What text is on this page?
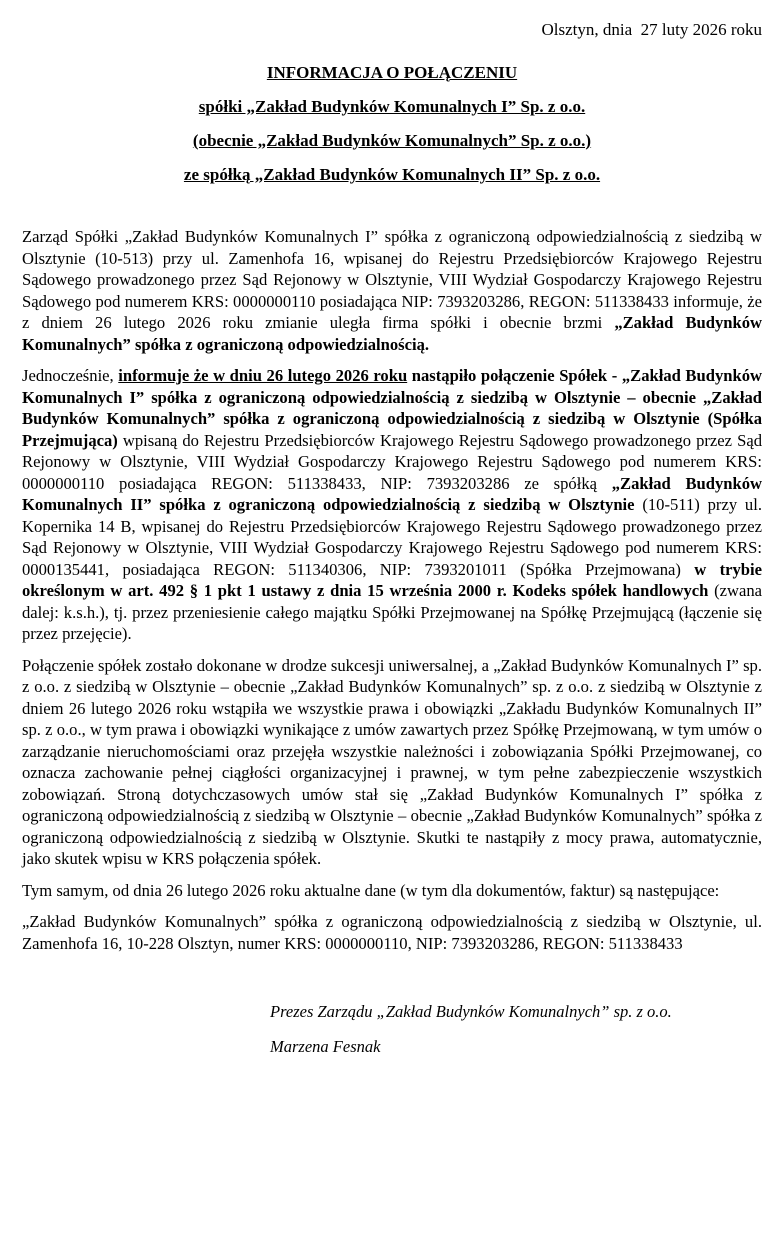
Olsztyn, dnia  27 luty 2026 roku
INFORMACJA O POŁĄCZENIU
spółki „Zakład Budynków Komunalnych I” Sp. z o.o.
(obecnie „Zakład Budynków Komunalnych” Sp. z o.o.)
ze spółką „Zakład Budynków Komunalnych II” Sp. z o.o.

Zarząd Spółki „Zakład Budynków Komunalnych I” spółka z ograniczoną odpowiedzialnością z siedzibą w Olsztynie (10-513) przy ul. Zamenhofa 16, wpisanej do Rejestru Przedsiębiorców Krajowego Rejestru Sądowego prowadzonego przez Sąd Rejonowy w Olsztynie, VIII Wydział Gospodarczy Krajowego Rejestru Sądowego pod numerem KRS: 0000000110 posiadająca NIP: 7393203286, REGON: 511338433 informuje, że z dniem 26 lutego 2026 roku zmianie uległa firma spółki i obecnie brzmi „Zakład Budynków Komunalnych” spółka z ograniczoną odpowiedzialnością.

Jednocześnie, informuje że w dniu 26 lutego 2026 roku nastąpiło połączenie Spółek - „Zakład Budynków Komunalnych I” spółka z ograniczoną odpowiedzialnością z siedzibą w Olsztynie – obecnie „Zakład Budynków Komunalnych” spółka z ograniczoną odpowiedzialnością z siedzibą w Olsztynie (Spółka Przejmująca) wpisaną do Rejestru Przedsiębiorców Krajowego Rejestru Sądowego prowadzonego przez Sąd Rejonowy w Olsztynie, VIII Wydział Gospodarczy Krajowego Rejestru Sądowego pod numerem KRS: 0000000110 posiadająca REGON: 511338433, NIP: 7393203286 ze spółką „Zakład Budynków Komunalnych II” spółka z ograniczoną odpowiedzialnością z siedzibą w Olsztynie (10-511) przy ul. Kopernika 14 B, wpisanej do Rejestru Przedsiębiorców Krajowego Rejestru Sądowego prowadzonego przez Sąd Rejonowy w Olsztynie, VIII Wydział Gospodarczy Krajowego Rejestru Sądowego pod numerem KRS: 0000135441, posiadająca REGON: 511340306, NIP: 7393201011 (Spółka Przejmowana) w trybie określonym w art. 492 § 1 pkt 1 ustawy z dnia 15 września 2000 r. Kodeks spółek handlowych (zwana dalej: k.s.h.), tj. przez przeniesienie całego majątku Spółki Przejmowanej na Spółkę Przejmującą (łączenie się przez przejęcie).

Połączenie spółek zostało dokonane w drodze sukcesji uniwersalnej, a „Zakład Budynków Komunalnych I” sp. z o.o. z siedzibą w Olsztynie – obecnie „Zakład Budynków Komunalnych” sp. z o.o. z siedzibą w Olsztynie z dniem 26 lutego 2026 roku wstąpiła we wszystkie prawa i obowiązki „Zakładu Budynków Komunalnych II” sp. z o.o., w tym prawa i obowiązki wynikające z umów zawartych przez Spółkę Przejmowaną, w tym umów o zarządzanie nieruchomościami oraz przejęła wszystkie należności i zobowiązania Spółki Przejmowanej, co oznacza zachowanie pełnej ciągłości organizacyjnej i prawnej, w tym pełne zabezpieczenie wszystkich zobowiązań. Stroną dotychczasowych umów stał się „Zakład Budynków Komunalnych I” spółka z ograniczoną odpowiedzialnością z siedzibą w Olsztynie – obecnie „Zakład Budynków Komunalnych” spółka z ograniczoną odpowiedzialnością z siedzibą w Olsztynie. Skutki te nastąpiły z mocy prawa, automatycznie, jako skutek wpisu w KRS połączenia spółek.

Tym samym, od dnia 26 lutego 2026 roku aktualne dane (w tym dla dokumentów, faktur) są następujące:

„Zakład Budynków Komunalnych” spółka z ograniczoną odpowiedzialnością z siedzibą w Olsztynie, ul. Zamenhofa 16, 10-228 Olsztyn, numer KRS: 0000000110, NIP: 7393203286, REGON: 511338433

Prezes Zarządu „Zakład Budynków Komunalnych” sp. z o.o.
Marzena Fesnak
